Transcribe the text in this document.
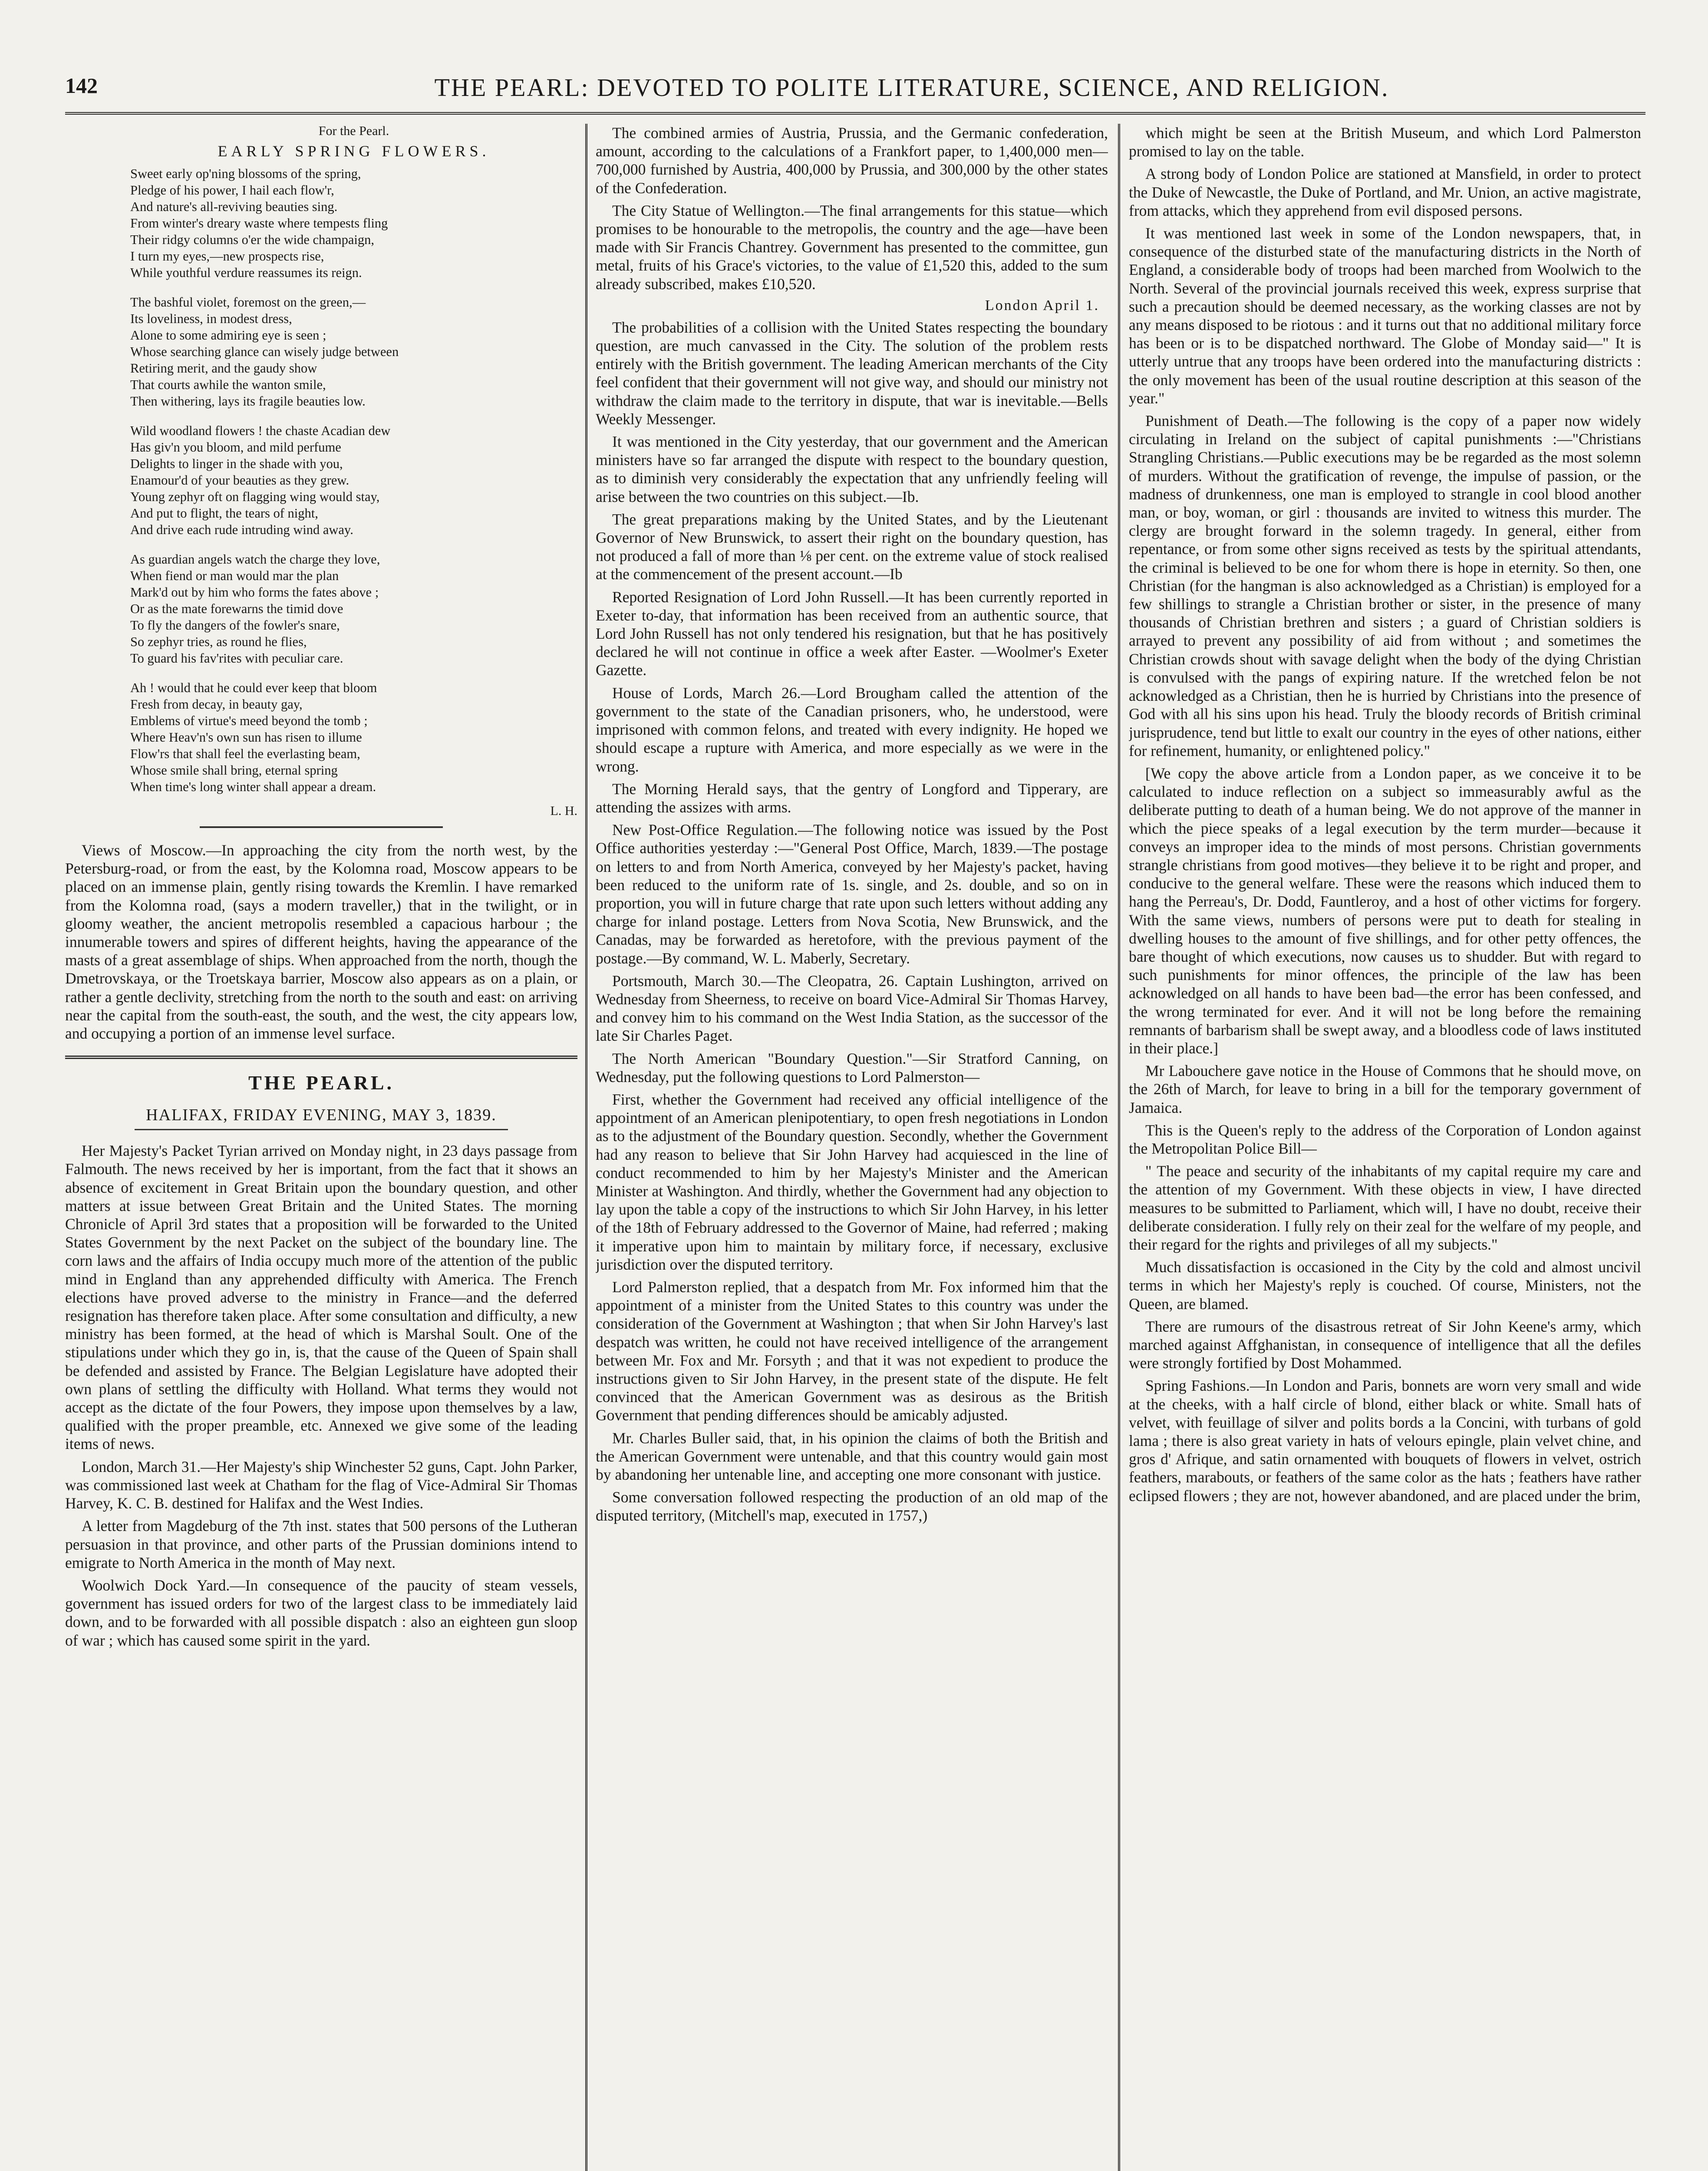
142	THE PEARL: DEVOTED TO POLITE LITERATURE, SCIENCE, AND RELIGION.

For the Pearl.

EARLY SPRING FLOWERS.

Sweet early op'ning blossoms of the spring,
Pledge of his power, I hail each flow'r,
And nature's all-reviving beauties sing.
From winter's dreary waste where tempests fling
Their ridgy columns o'er the wide champaign,
I turn my eyes,—new prospects rise,
While youthful verdure reassumes its reign.
The bashful violet, foremost on the green,—
Its loveliness, in modest dress,
Alone to some admiring eye is seen ;
Whose searching glance can wisely judge between
Retiring merit, and the gaudy show
That courts awhile the wanton smile,
Then withering, lays its fragile beauties low.
Wild woodland flowers ! the chaste Acadian dew
Has giv'n you bloom, and mild perfume
Delights to linger in the shade with you,
Enamour'd of your beauties as they grew.
Young zephyr oft on flagging wing would stay,
And put to flight, the tears of night,
And drive each rude intruding wind away.
As guardian angels watch the charge they love,
When fiend or man would mar the plan
Mark'd out by him who forms the fates above ;
Or as the mate forewarns the timid dove
To fly the dangers of the fowler's snare,
So zephyr tries, as round he flies,
To guard his fav'rites with peculiar care.
Ah ! would that he could ever keep that bloom
Fresh from decay, in beauty gay,
Emblems of virtue's meed beyond the tomb ;
Where Heav'n's own sun has risen to illume
Flow'rs that shall feel the everlasting beam,
Whose smile shall bring, eternal spring
When time's long winter shall appear a dream.

L. H.

Views of Moscow.—In approaching the city from the north west, by the Petersburg-road, or from the east, by the Kolomna road, Moscow appears to be placed on an immense plain, gently rising towards the Kremlin. I have remarked from the Kolomna road, (says a modern traveller,) that in the twilight, or in gloomy weather, the ancient metropolis resembled a capacious harbour ; the innumerable towers and spires of different heights, having the appearance of the masts of a great assemblage of ships. When approached from the north, though the Dmetrovskaya, or the Troetskaya barrier, Moscow also appears as on a plain, or rather a gentle declivity, stretching from the north to the south and east: on arriving near the capital from the south-east, the south, and the west, the city appears low, and occupying a portion of an immense level surface.

THE PEARL.
HALIFAX, FRIDAY EVENING, MAY 3, 1839.

Her Majesty's Packet Tyrian arrived on Monday night, in 23 days passage from Falmouth. The news received by her is important, from the fact that it shows an absence of excitement in Great Britain upon the boundary question, and other matters at issue between Great Britain and the United States. The morning Chronicle of April 3rd states that a proposition will be forwarded to the United States Government by the next Packet on the subject of the boundary line. The corn laws and the affairs of India occupy much more of the attention of the public mind in England than any apprehended difficulty with America. The French elections have proved adverse to the ministry in France—and the deferred resignation has therefore taken place. After some consultation and difficulty, a new ministry has been formed, at the head of which is Marshal Soult. One of the stipulations under which they go in, is, that the cause of the Queen of Spain shall be defended and assisted by France. The Belgian Legislature have adopted their own plans of settling the difficulty with Holland. What terms they would not accept as the dictate of the four Powers, they impose upon themselves by a law, qualified with the proper preamble, etc. Annexed we give some of the leading items of news.

London, March 31.—Her Majesty's ship Winchester 52 guns, Capt. John Parker, was commissioned last week at Chatham for the flag of Vice-Admiral Sir Thomas Harvey, K. C. B. destined for Halifax and the West Indies.

A letter from Magdeburg of the 7th inst. states that 500 persons of the Lutheran persuasion in that province, and other parts of the Prussian dominions intend to emigrate to North America in the month of May next.

Woolwich Dock Yard.—In consequence of the paucity of steam vessels, government has issued orders for two of the largest class to be immediately laid down, and to be forwarded with all possible dispatch : also an eighteen gun sloop of war ; which has caused some spirit in the yard.

The combined armies of Austria, Prussia, and the Germanic confederation, amount, according to the calculations of a Frankfort paper, to 1,400,000 men—700,000 furnished by Austria, 400,000 by Prussia, and 300,000 by the other states of the Confederation.

The City Statue of Wellington.—The final arrangements for this statue—which promises to be honourable to the metropolis, the country and the age—have been made with Sir Francis Chantrey. Government has presented to the committee, gun metal, fruits of his Grace's victories, to the value of £1,520 this, added to the sum already subscribed, makes £10,520.

London April 1.

The probabilities of a collision with the United States respecting the boundary question, are much canvassed in the City. The solution of the problem rests entirely with the British government. The leading American merchants of the City feel confident that their government will not give way, and should our ministry not withdraw the claim made to the territory in dispute, that war is inevitable.—Bells Weekly Messenger.

It was mentioned in the City yesterday, that our government and the American ministers have so far arranged the dispute with respect to the boundary question, as to diminish very considerably the expectation that any unfriendly feeling will arise between the two countries on this subject.—Ib.

The great preparations making by the United States, and by the Lieutenant Governor of New Brunswick, to assert their right on the boundary question, has not produced a fall of more than ⅛ per cent. on the extreme value of stock realised at the commencement of the present account.—Ib

Reported Resignation of Lord John Russell.—It has been currently reported in Exeter to-day, that information has been received from an authentic source, that Lord John Russell has not only tendered his resignation, but that he has positively declared he will not continue in office a week after Easter. —Woolmer's Exeter Gazette.

House of Lords, March 26.—Lord Brougham called the attention of the government to the state of the Canadian prisoners, who, he understood, were imprisoned with common felons, and treated with every indignity. He hoped we should escape a rupture with America, and more especially as we were in the wrong.

The Morning Herald says, that the gentry of Longford and Tipperary, are attending the assizes with arms.

New Post-Office Regulation.—The following notice was issued by the Post Office authorities yesterday :—"General Post Office, March, 1839.—The postage on letters to and from North America, conveyed by her Majesty's packet, having been reduced to the uniform rate of 1s. single, and 2s. double, and so on in proportion, you will in future charge that rate upon such letters without adding any charge for inland postage. Letters from Nova Scotia, New Brunswick, and the Canadas, may be forwarded as heretofore, with the previous payment of the postage.—By command, W. L. Maberly, Secretary.

Portsmouth, March 30.—The Cleopatra, 26. Captain Lushington, arrived on Wednesday from Sheerness, to receive on board Vice-Admiral Sir Thomas Harvey, and convey him to his command on the West India Station, as the successor of the late Sir Charles Paget.

The North American "Boundary Question."—Sir Stratford Canning, on Wednesday, put the following questions to Lord Palmerston—

First, whether the Government had received any official intelligence of the appointment of an American plenipotentiary, to open fresh negotiations in London as to the adjustment of the Boundary question. Secondly, whether the Government had any reason to believe that Sir John Harvey had acquiesced in the line of conduct recommended to him by her Majesty's Minister and the American Minister at Washington. And thirdly, whether the Government had any objection to lay upon the table a copy of the instructions to which Sir John Harvey, in his letter of the 18th of February addressed to the Governor of Maine, had referred ; making it imperative upon him to maintain by military force, if necessary, exclusive jurisdiction over the disputed territory.

Lord Palmerston replied, that a despatch from Mr. Fox informed him that the appointment of a minister from the United States to this country was under the consideration of the Government at Washington ; that when Sir John Harvey's last despatch was written, he could not have received intelligence of the arrangement between Mr. Fox and Mr. Forsyth ; and that it was not expedient to produce the instructions given to Sir John Harvey, in the present state of the dispute. He felt convinced that the American Government was as desirous as the British Government that pending differences should be amicably adjusted.

Mr. Charles Buller said, that, in his opinion the claims of both the British and the American Government were untenable, and that this country would gain most by abandoning her untenable line, and accepting one more consonant with justice.

Some conversation followed respecting the production of an old map of the disputed territory, (Mitchell's map, executed in 1757,)

which might be seen at the British Museum, and which Lord Palmerston promised to lay on the table.

A strong body of London Police are stationed at Mansfield, in order to protect the Duke of Newcastle, the Duke of Portland, and Mr. Union, an active magistrate, from attacks, which they apprehend from evil disposed persons.

It was mentioned last week in some of the London newspapers, that, in consequence of the disturbed state of the manufacturing districts in the North of England, a considerable body of troops had been marched from Woolwich to the North. Several of the provincial journals received this week, express surprise that such a precaution should be deemed necessary, as the working classes are not by any means disposed to be riotous : and it turns out that no additional military force has been or is to be dispatched northward. The Globe of Monday said—" It is utterly untrue that any troops have been ordered into the manufacturing districts : the only movement has been of the usual routine description at this season of the year."

Punishment of Death.—The following is the copy of a paper now widely circulating in Ireland on the subject of capital punishments :—"Christians Strangling Christians.—Public executions may be be regarded as the most solemn of murders. Without the gratification of revenge, the impulse of passion, or the madness of drunkenness, one man is employed to strangle in cool blood another man, or boy, woman, or girl : thousands are invited to witness this murder. The clergy are brought forward in the solemn tragedy. In general, either from repentance, or from some other signs received as tests by the spiritual attendants, the criminal is believed to be one for whom there is hope in eternity. So then, one Christian (for the hangman is also acknowledged as a Christian) is employed for a few shillings to strangle a Christian brother or sister, in the presence of many thousands of Christian brethren and sisters ; a guard of Christian soldiers is arrayed to prevent any possibility of aid from without ; and sometimes the Christian crowds shout with savage delight when the body of the dying Christian is convulsed with the pangs of expiring nature. If the wretched felon be not acknowledged as a Christian, then he is hurried by Christians into the presence of God with all his sins upon his head. Truly the bloody records of British criminal jurisprudence, tend but little to exalt our country in the eyes of other nations, either for refinement, humanity, or enlightened policy."

[We copy the above article from a London paper, as we conceive it to be calculated to induce reflection on a subject so immeasurably awful as the deliberate putting to death of a human being. We do not approve of the manner in which the piece speaks of a legal execution by the term murder—because it conveys an improper idea to the minds of most persons. Christian governments strangle christians from good motives—they believe it to be right and proper, and conducive to the general welfare. These were the reasons which induced them to hang the Perreau's, Dr. Dodd, Fauntleroy, and a host of other victims for forgery. With the same views, numbers of persons were put to death for stealing in dwelling houses to the amount of five shillings, and for other petty offences, the bare thought of which executions, now causes us to shudder. But with regard to such punishments for minor offences, the principle of the law has been acknowledged on all hands to have been bad—the error has been confessed, and the wrong terminated for ever. And it will not be long before the remaining remnants of barbarism shall be swept away, and a bloodless code of laws instituted in their place.]

Mr Labouchere gave notice in the House of Commons that he should move, on the 26th of March, for leave to bring in a bill for the temporary government of Jamaica.

This is the Queen's reply to the address of the Corporation of London against the Metropolitan Police Bill—

" The peace and security of the inhabitants of my capital require my care and the attention of my Government. With these objects in view, I have directed measures to be submitted to Parliament, which will, I have no doubt, receive their deliberate consideration. I fully rely on their zeal for the welfare of my people, and their regard for the rights and privileges of all my subjects."

Much dissatisfaction is occasioned in the City by the cold and almost uncivil terms in which her Majesty's reply is couched. Of course, Ministers, not the Queen, are blamed.

There are rumours of the disastrous retreat of Sir John Keene's army, which marched against Affghanistan, in consequence of intelligence that all the defiles were strongly fortified by Dost Mohammed.

Spring Fashions.—In London and Paris, bonnets are worn very small and wide at the cheeks, with a half circle of blond, either black or white. Small hats of velvet, with feuillage of silver and polits bords a la Concini, with turbans of gold lama ; there is also great variety in hats of velours epingle, plain velvet chine, and gros d' Afrique, and satin ornamented with bouquets of flowers in velvet, ostrich feathers, marabouts, or feathers of the same color as the hats ; feathers have rather eclipsed flowers ; they are not, however abandoned, and are placed under the brim,
